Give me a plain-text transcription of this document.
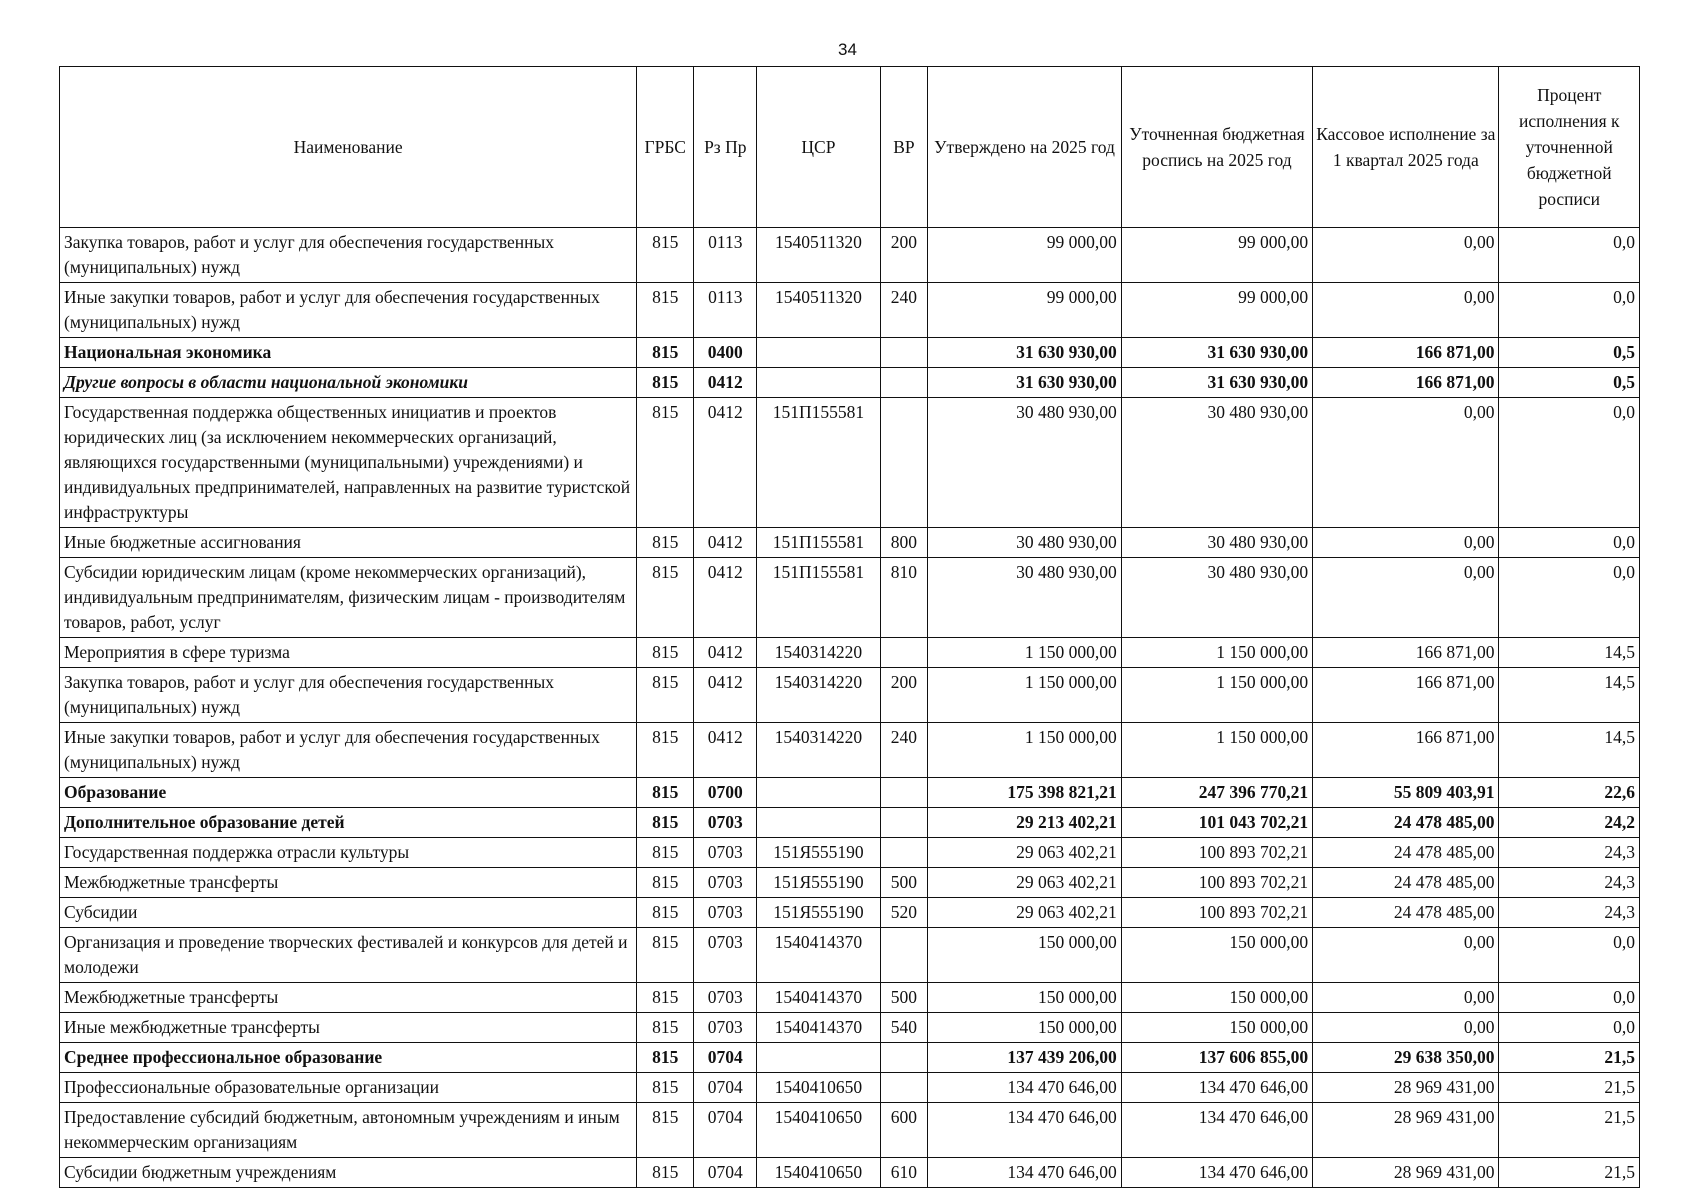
34
Наименование	ГРБС	Рз Пр	ЦСР	ВР	Утверждено на 2025 год	Уточненная бюджетная роспись на 2025 год	Кассовое исполнение за 1 квартал 2025 года	Процент исполнения к уточненной бюджетной росписи
Закупка товаров, работ и услуг для обеспечения государственных (муниципальных) нужд	815	0113	1540511320	200	99 000,00	99 000,00	0,00	0,0
Иные закупки товаров, работ и услуг для обеспечения государственных (муниципальных) нужд	815	0113	1540511320	240	99 000,00	99 000,00	0,00	0,0
Национальная экономика	815	0400			31 630 930,00	31 630 930,00	166 871,00	0,5
Другие вопросы в области национальной экономики	815	0412			31 630 930,00	31 630 930,00	166 871,00	0,5
Государственная поддержка общественных инициатив и проектов юридических лиц (за исключением некоммерческих организаций, являющихся государственными (муниципальными) учреждениями) и индивидуальных предпринимателей, направленных на развитие туристской инфраструктуры	815	0412	151П155581		30 480 930,00	30 480 930,00	0,00	0,0
Иные бюджетные ассигнования	815	0412	151П155581	800	30 480 930,00	30 480 930,00	0,00	0,0
Субсидии юридическим лицам (кроме некоммерческих организаций), индивидуальным предпринимателям, физическим лицам - производителям товаров, работ, услуг	815	0412	151П155581	810	30 480 930,00	30 480 930,00	0,00	0,0
Мероприятия в сфере туризма	815	0412	1540314220		1 150 000,00	1 150 000,00	166 871,00	14,5
Закупка товаров, работ и услуг для обеспечения государственных (муниципальных) нужд	815	0412	1540314220	200	1 150 000,00	1 150 000,00	166 871,00	14,5
Иные закупки товаров, работ и услуг для обеспечения государственных (муниципальных) нужд	815	0412	1540314220	240	1 150 000,00	1 150 000,00	166 871,00	14,5
Образование	815	0700			175 398 821,21	247 396 770,21	55 809 403,91	22,6
Дополнительное образование детей	815	0703			29 213 402,21	101 043 702,21	24 478 485,00	24,2
Государственная поддержка отрасли культуры	815	0703	151Я555190		29 063 402,21	100 893 702,21	24 478 485,00	24,3
Межбюджетные трансферты	815	0703	151Я555190	500	29 063 402,21	100 893 702,21	24 478 485,00	24,3
Субсидии	815	0703	151Я555190	520	29 063 402,21	100 893 702,21	24 478 485,00	24,3
Организация и проведение творческих фестивалей и конкурсов для детей и молодежи	815	0703	1540414370		150 000,00	150 000,00	0,00	0,0
Межбюджетные трансферты	815	0703	1540414370	500	150 000,00	150 000,00	0,00	0,0
Иные межбюджетные трансферты	815	0703	1540414370	540	150 000,00	150 000,00	0,00	0,0
Среднее профессиональное образование	815	0704			137 439 206,00	137 606 855,00	29 638 350,00	21,5
Профессиональные образовательные организации	815	0704	1540410650		134 470 646,00	134 470 646,00	28 969 431,00	21,5
Предоставление субсидий бюджетным, автономным учреждениям и иным некоммерческим организациям	815	0704	1540410650	600	134 470 646,00	134 470 646,00	28 969 431,00	21,5
Субсидии бюджетным учреждениям	815	0704	1540410650	610	134 470 646,00	134 470 646,00	28 969 431,00	21,5
